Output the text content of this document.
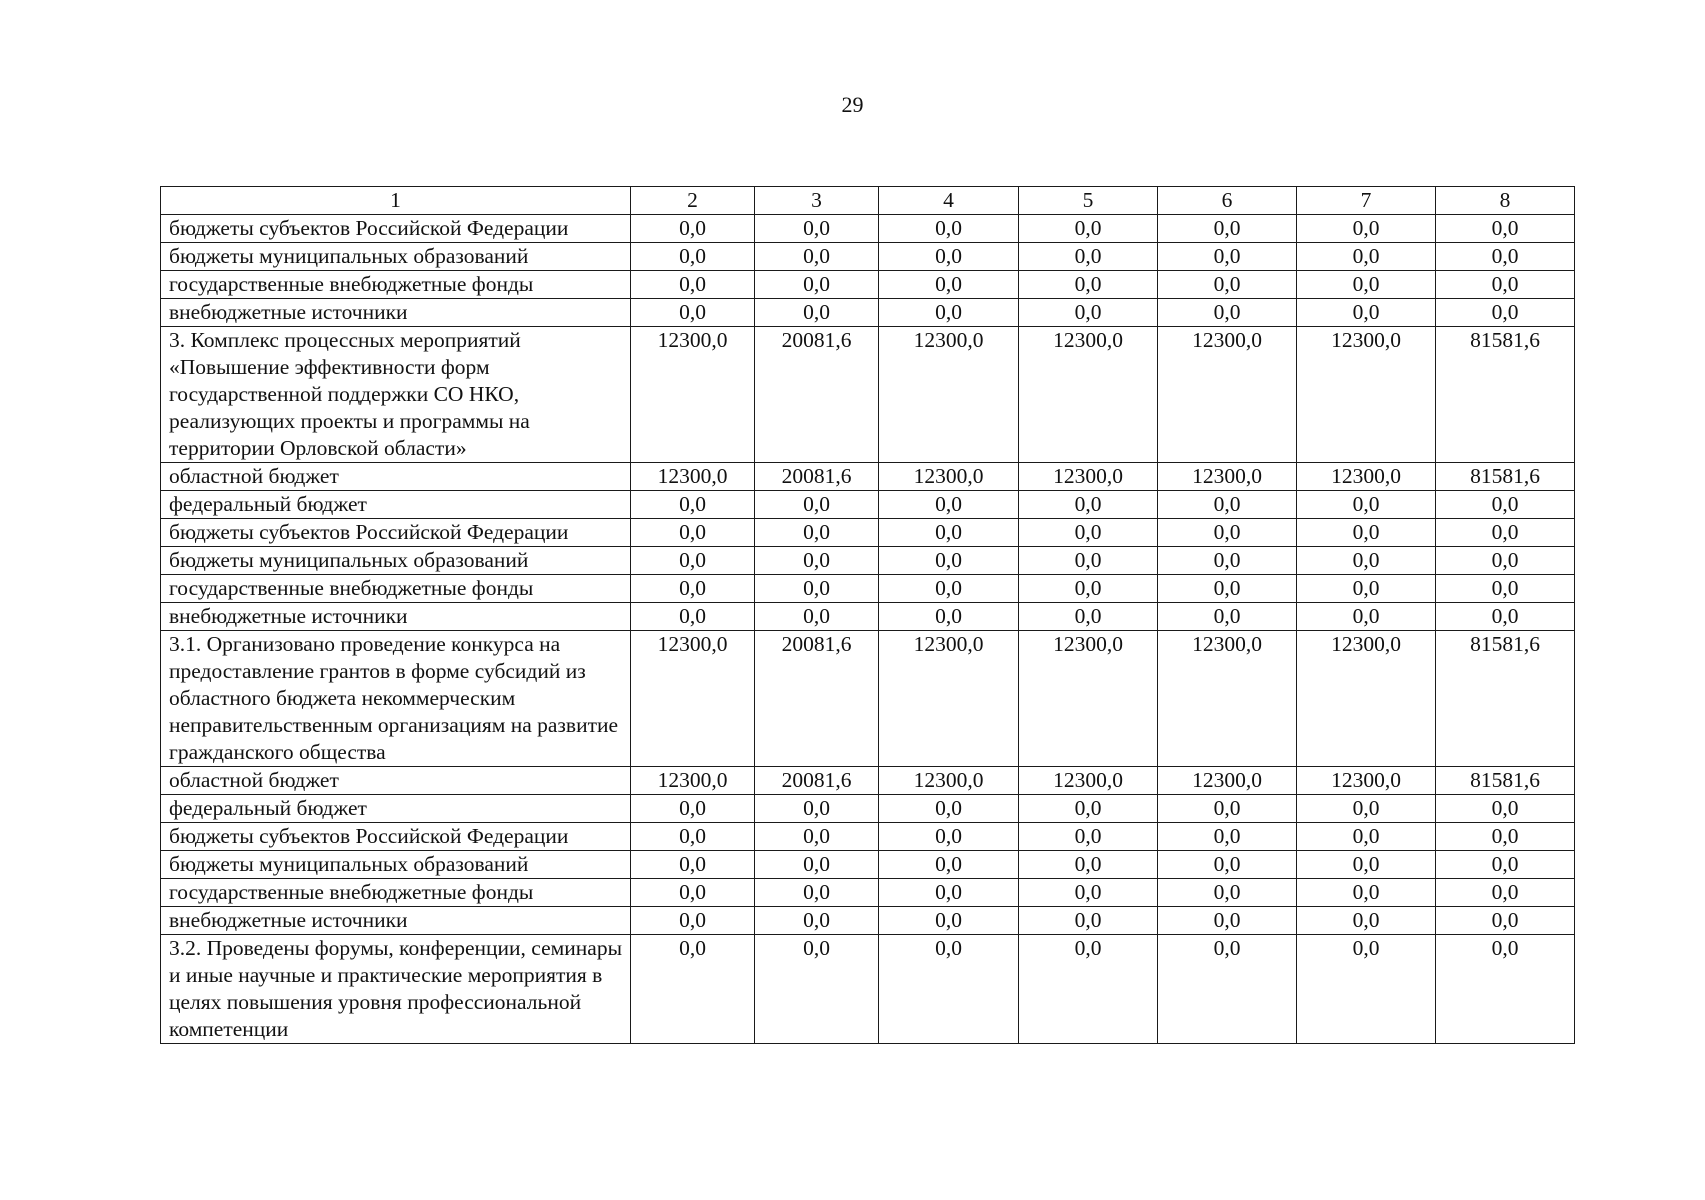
29
1	2	3	4	5	6	7	8
бюджеты субъектов Российской Федерации	0,0	0,0	0,0	0,0	0,0	0,0	0,0
бюджеты муниципальных образований	0,0	0,0	0,0	0,0	0,0	0,0	0,0
государственные внебюджетные фонды	0,0	0,0	0,0	0,0	0,0	0,0	0,0
внебюджетные источники	0,0	0,0	0,0	0,0	0,0	0,0	0,0
3. Комплекс процессных мероприятий «Повышение эффективности форм государственной поддержки СО НКО, реализующих проекты и программы на территории Орловской области»	12300,0	20081,6	12300,0	12300,0	12300,0	12300,0	81581,6
областной бюджет	12300,0	20081,6	12300,0	12300,0	12300,0	12300,0	81581,6
федеральный бюджет	0,0	0,0	0,0	0,0	0,0	0,0	0,0
бюджеты субъектов Российской Федерации	0,0	0,0	0,0	0,0	0,0	0,0	0,0
бюджеты муниципальных образований	0,0	0,0	0,0	0,0	0,0	0,0	0,0
государственные внебюджетные фонды	0,0	0,0	0,0	0,0	0,0	0,0	0,0
внебюджетные источники	0,0	0,0	0,0	0,0	0,0	0,0	0,0
3.1. Организовано проведение конкурса на предоставление грантов в форме субсидий из областного бюджета некоммерческим неправительственным организациям на развитие гражданского общества	12300,0	20081,6	12300,0	12300,0	12300,0	12300,0	81581,6
областной бюджет	12300,0	20081,6	12300,0	12300,0	12300,0	12300,0	81581,6
федеральный бюджет	0,0	0,0	0,0	0,0	0,0	0,0	0,0
бюджеты субъектов Российской Федерации	0,0	0,0	0,0	0,0	0,0	0,0	0,0
бюджеты муниципальных образований	0,0	0,0	0,0	0,0	0,0	0,0	0,0
государственные внебюджетные фонды	0,0	0,0	0,0	0,0	0,0	0,0	0,0
внебюджетные источники	0,0	0,0	0,0	0,0	0,0	0,0	0,0
3.2. Проведены форумы, конференции, семинары и иные научные и практические мероприятия в целях повышения уровня профессиональной компетенции	0,0	0,0	0,0	0,0	0,0	0,0	0,0
